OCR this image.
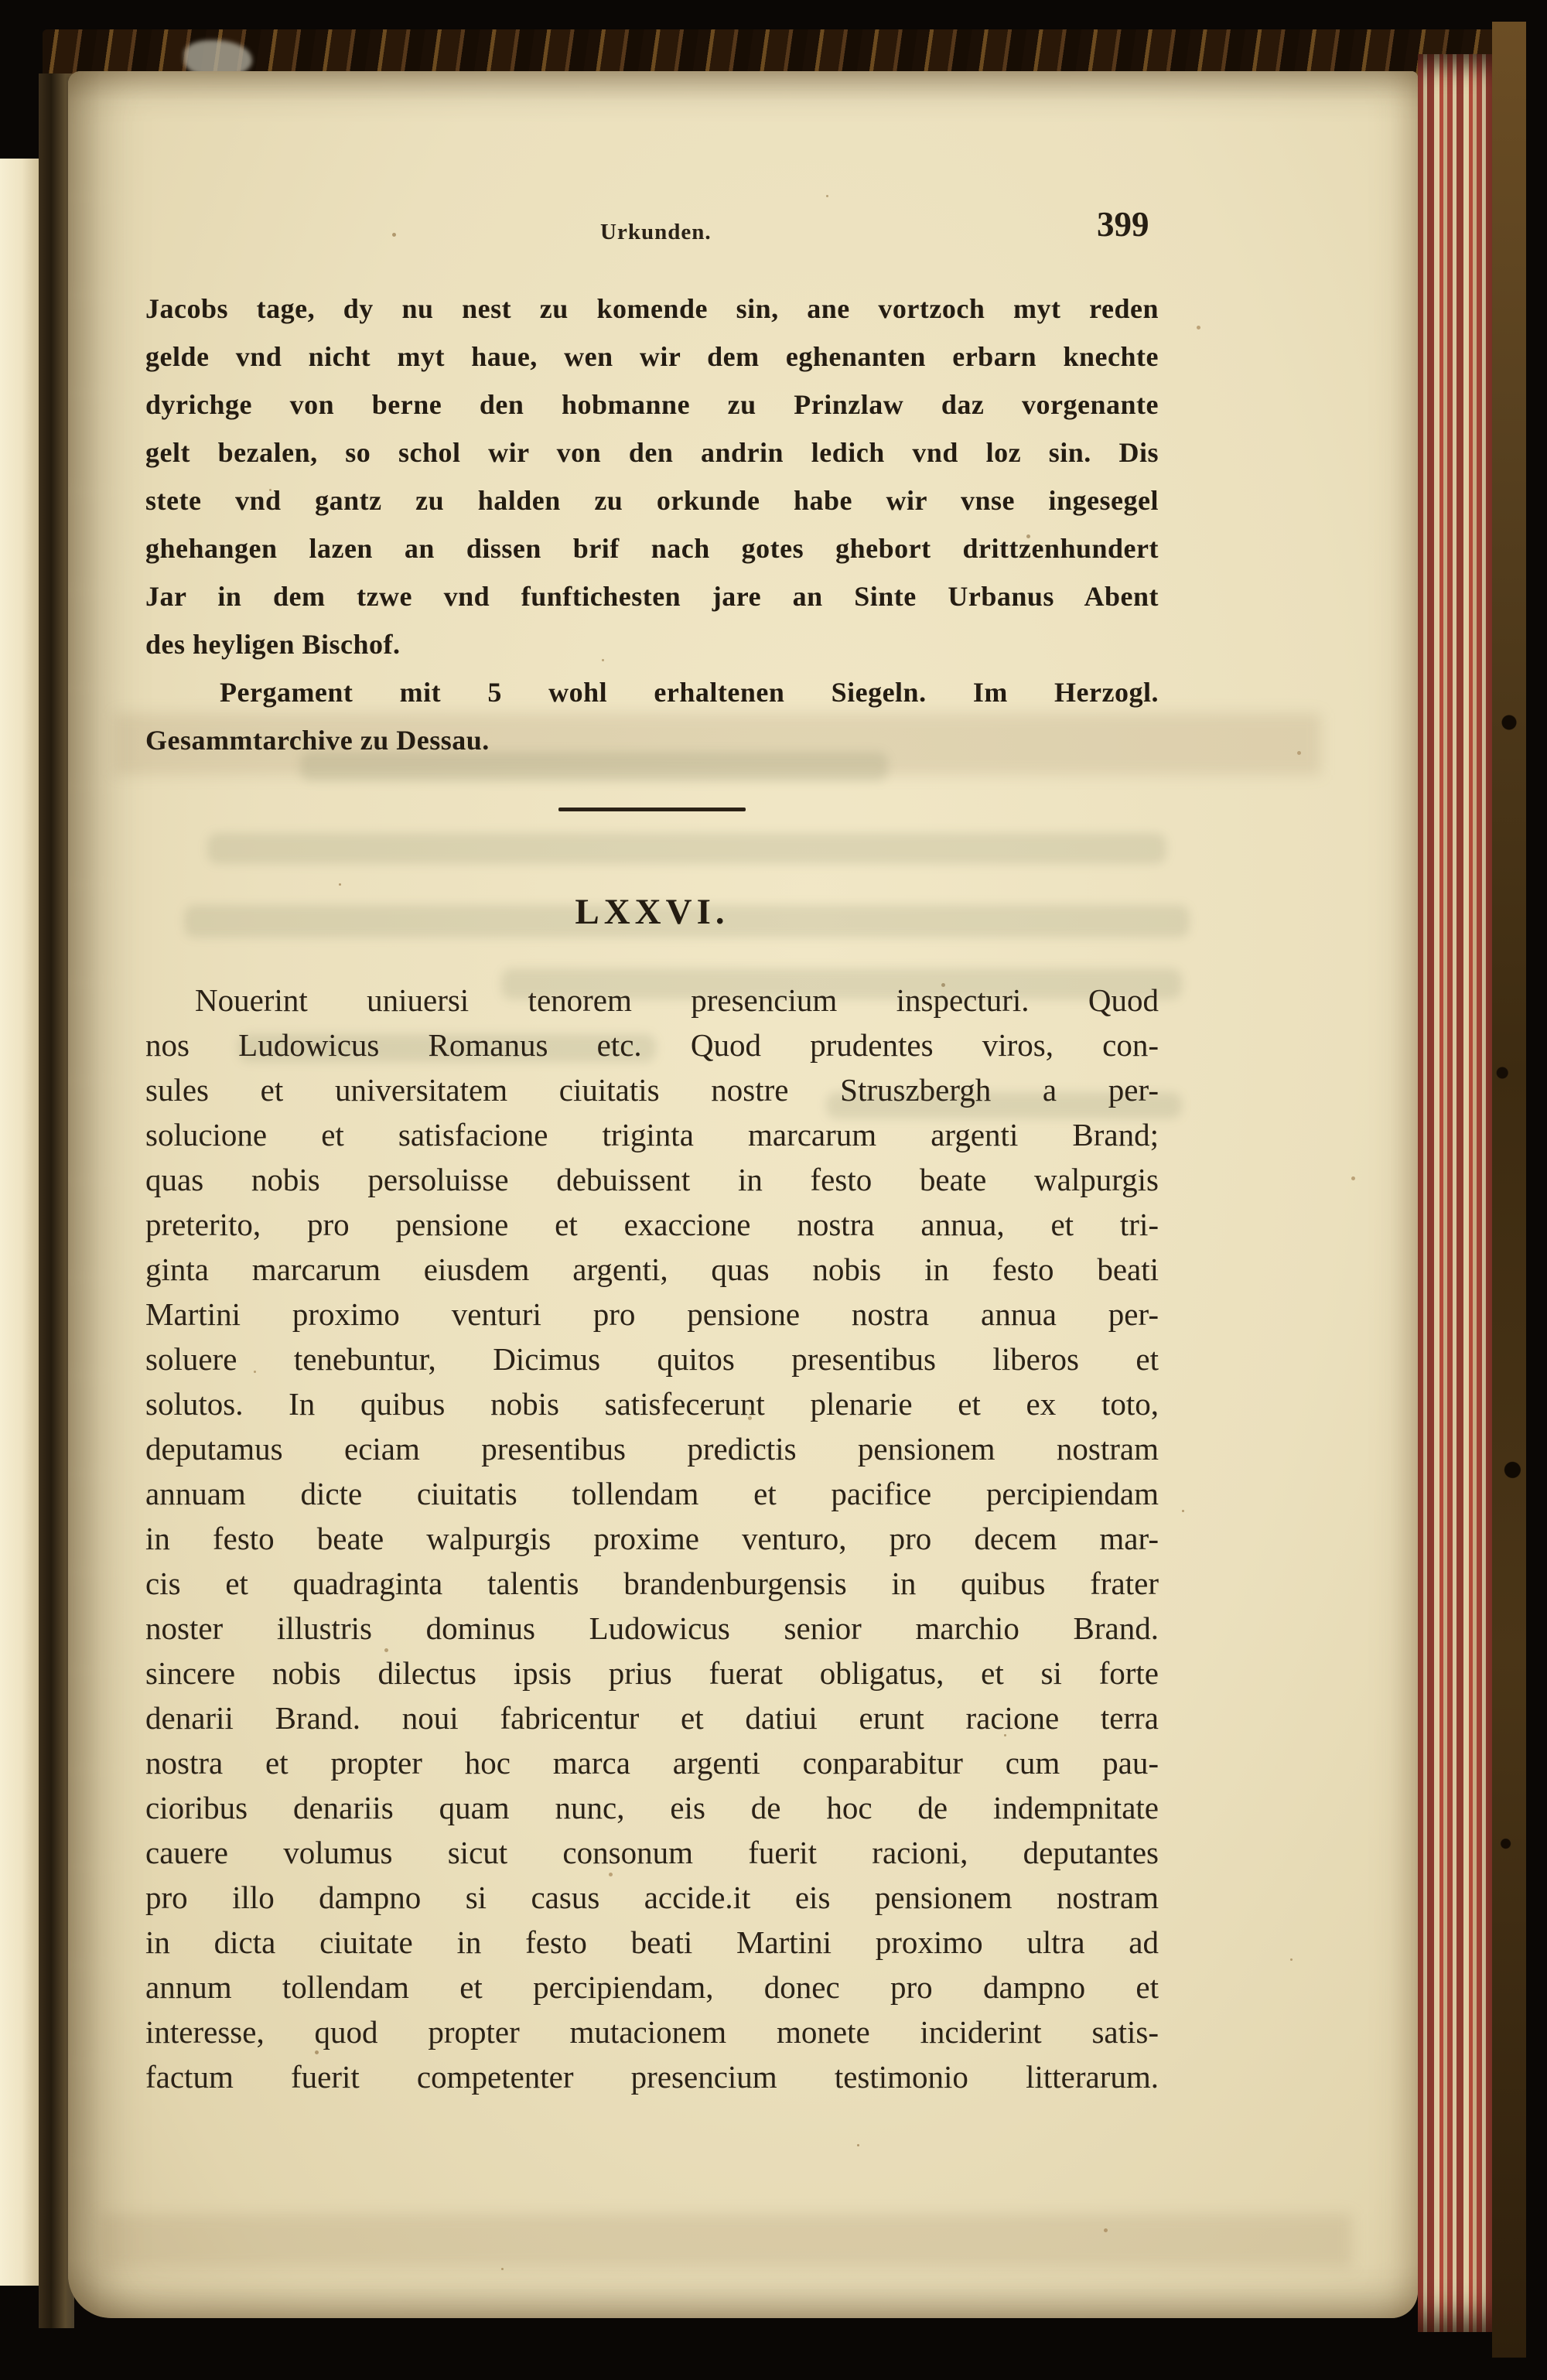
Urkunden.	399
Jacobs tage, dy nu nest zu komende sin, ane vortzoch myt reden
gelde vnd nicht myt haue, wen wir dem eghenanten erbarn knechte
dyrichge von berne den hobmanne zu Prinzlaw daz vorgenante
gelt bezalen, so schol wir von den andrin ledich vnd loz sin. Dis
stete vnd gantz zu halden zu orkunde habe wir vnse ingesegel
ghehangen lazen an dissen brif nach gotes ghebort drittzenhundert
Jar in dem tzwe vnd funftichesten jare an Sinte Urbanus Abent
des heyligen Bischof.
Pergament mit 5 wohl erhaltenen Siegeln. Im Herzogl.
Gesammtarchive zu Dessau.
LXXVI.
Nouerint uniuersi tenorem presencium inspecturi. Quod
nos Ludowicus Romanus etc. Quod prudentes viros, con-
sules et universitatem ciuitatis nostre Struszbergh a per-
solucione et satisfacione triginta marcarum argenti Brand;
quas nobis persoluisse debuissent in festo beate walpurgis
preterito, pro pensione et exaccione nostra annua, et tri-
ginta marcarum eiusdem argenti, quas nobis in festo beati
Martini proximo venturi pro pensione nostra annua per-
soluere tenebuntur, Dicimus quitos presentibus liberos et
solutos. In quibus nobis satisfecerunt plenarie et ex toto,
deputamus eciam presentibus predictis pensionem nostram
annuam dicte ciuitatis tollendam et pacifice percipiendam
in festo beate walpurgis proxime venturo, pro decem mar-
cis et quadraginta talentis brandenburgensis in quibus frater
noster illustris dominus Ludowicus senior marchio Brand.
sincere nobis dilectus ipsis prius fuerat obligatus, et si forte
denarii Brand. noui fabricentur et datiui erunt racione terra
nostra et propter hoc marca argenti conparabitur cum pau-
cioribus denariis quam nunc, eis de hoc de indempnitate
cauere volumus sicut consonum fuerit racioni, deputantes
pro illo dampno si casus accide.it eis pensionem nostram
in dicta ciuitate in festo beati Martini proximo ultra ad
annum tollendam et percipiendam, donec pro dampno et
interesse, quod propter mutacionem monete inciderint satis-
factum fuerit competenter presencium testimonio litterarum.
